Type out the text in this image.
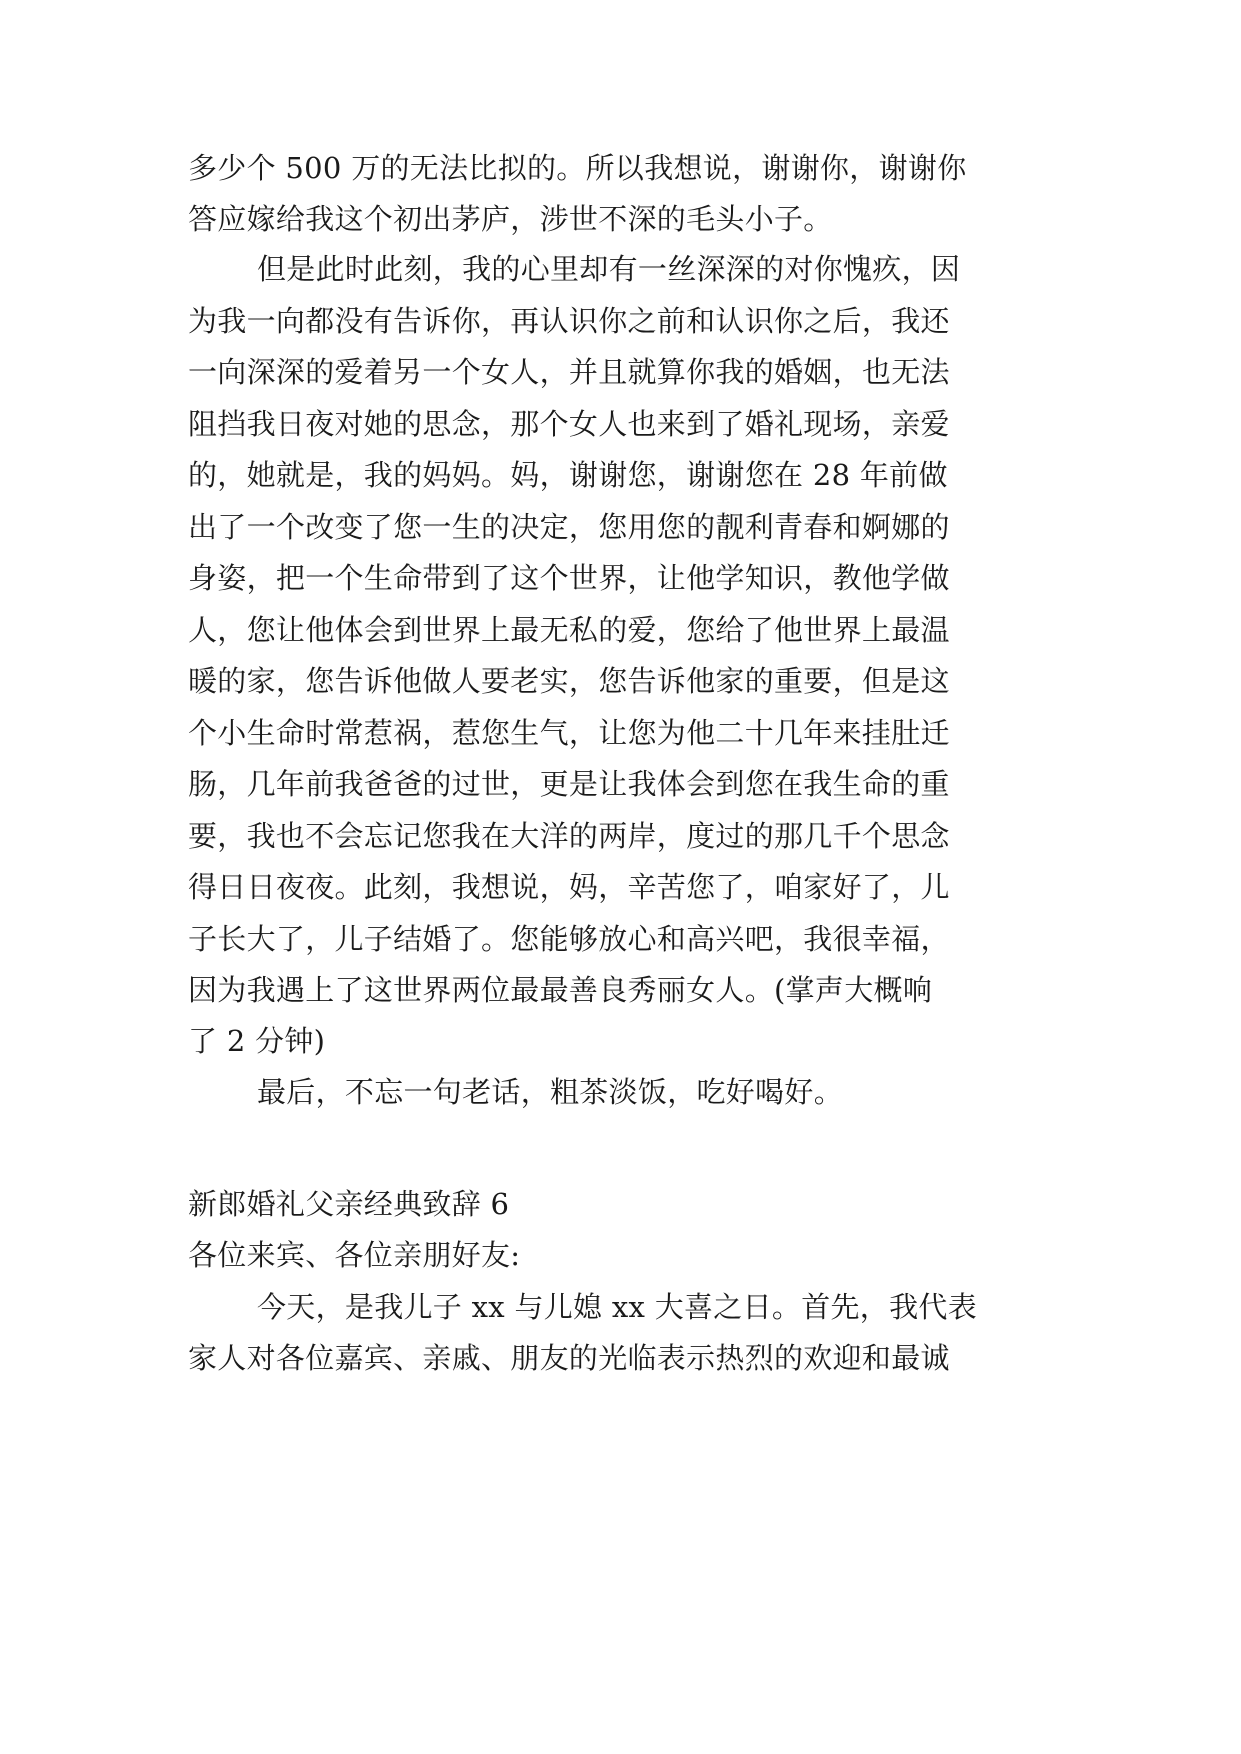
多少个 500 万的无法比拟的。所以我想说，谢谢你，谢谢你
答应嫁给我这个初出茅庐，涉世不深的毛头小子。
但是此时此刻，我的心里却有一丝深深的对你愧疚，因
为我一向都没有告诉你，再认识你之前和认识你之后，我还
一向深深的爱着另一个女人，并且就算你我的婚姻，也无法
阻挡我日夜对她的思念，那个女人也来到了婚礼现场，亲爱
的，她就是，我的妈妈。妈，谢谢您，谢谢您在 28 年前做
出了一个改变了您一生的决定，您用您的靓利青春和婀娜的
身姿，把一个生命带到了这个世界，让他学知识，教他学做
人，您让他体会到世界上最无私的爱，您给了他世界上最温
暖的家，您告诉他做人要老实，您告诉他家的重要，但是这
个小生命时常惹祸，惹您生气，让您为他二十几年来挂肚迁
肠，几年前我爸爸的过世，更是让我体会到您在我生命的重
要，我也不会忘记您我在大洋的两岸，度过的那几千个思念
得日日夜夜。此刻，我想说，妈，辛苦您了，咱家好了，儿
子长大了，儿子结婚了。您能够放心和高兴吧，我很幸福，
因为我遇上了这世界两位最最善良秀丽女人。(掌声大概响
了 2 分钟)
最后，不忘一句老话，粗茶淡饭，吃好喝好。
新郎婚礼父亲经典致辞 6
各位来宾、各位亲朋好友:
今天，是我儿子 xx 与儿媳 xx 大喜之日。首先，我代表
家人对各位嘉宾、亲戚、朋友的光临表示热烈的欢迎和最诚
